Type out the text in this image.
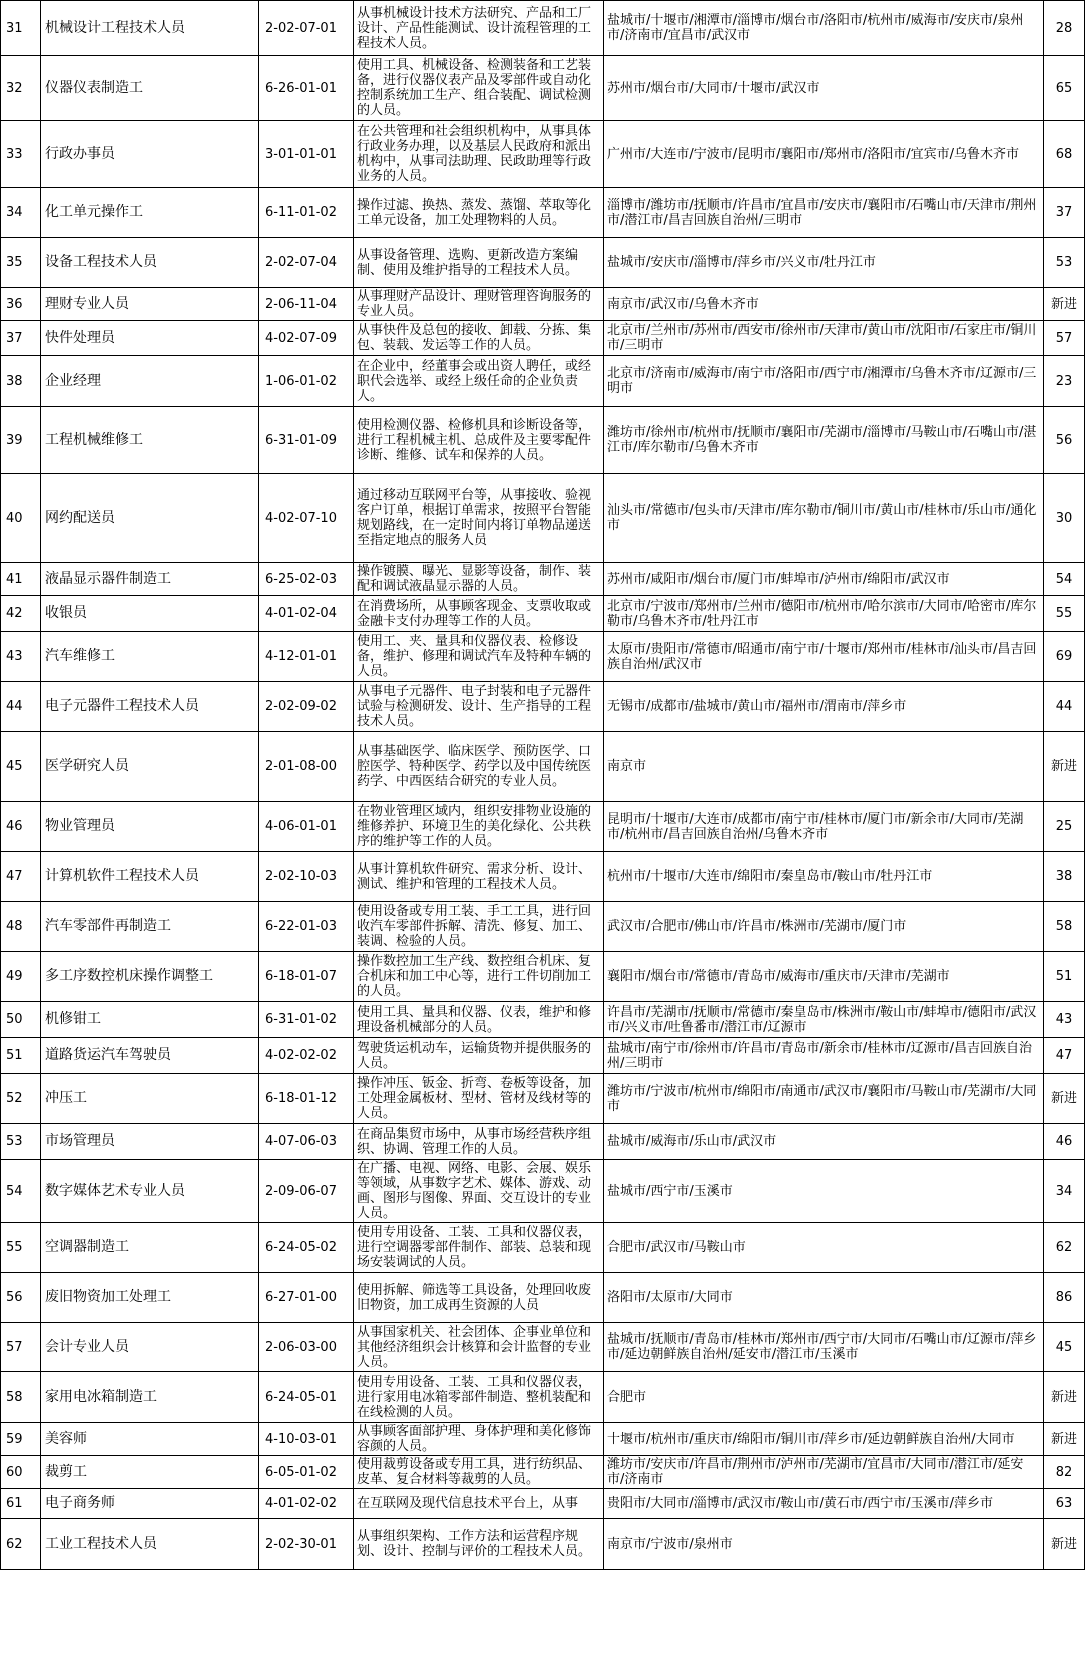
31	机械设计工程技术人员	2-02-07-01	从事机械设计技术方法研究、产品和工厂设计、产品性能测试、设计流程管理的工程技术人员。	盐城市/十堰市/湘潭市/淄博市/烟台市/洛阳市/杭州市/威海市/安庆市/泉州市/济南市/宜昌市/武汉市	28
32	仪器仪表制造工	6-26-01-01	使用工具、机械设备、检测装备和工艺装备，进行仪器仪表产品及零部件或自动化控制系统加工生产、组合装配、调试检测的人员。	苏州市/烟台市/大同市/十堰市/武汉市	65
33	行政办事员	3-01-01-01	在公共管理和社会组织机构中，从事具体行政业务办理，以及基层人民政府和派出机构中，从事司法助理、民政助理等行政业务的人员。	广州市/大连市/宁波市/昆明市/襄阳市/郑州市/洛阳市/宜宾市/乌鲁木齐市	68
34	化工单元操作工	6-11-01-02	操作过滤、换热、蒸发、蒸馏、萃取等化工单元设备，加工处理物料的人员。	淄博市/潍坊市/抚顺市/许昌市/宜昌市/安庆市/襄阳市/石嘴山市/天津市/荆州市/潜江市/昌吉回族自治州/三明市	37
35	设备工程技术人员	2-02-07-04	从事设备管理、选购、更新改造方案编制、使用及维护指导的工程技术人员。	盐城市/安庆市/淄博市/萍乡市/兴义市/牡丹江市	53
36	理财专业人员	2-06-11-04	从事理财产品设计、理财管理咨询服务的专业人员。	南京市/武汉市/乌鲁木齐市	新进
37	快件处理员	4-02-07-09	从事快件及总包的接收、卸载、分拣、集包、装载、发运等工作的人员。	北京市/兰州市/苏州市/西安市/徐州市/天津市/黄山市/沈阳市/石家庄市/铜川市/三明市	57
38	企业经理	1-06-01-02	在企业中，经董事会或出资人聘任，或经职代会选举、或经上级任命的企业负责人。	北京市/济南市/威海市/南宁市/洛阳市/西宁市/湘潭市/乌鲁木齐市/辽源市/三明市	23
39	工程机械维修工	6-31-01-09	使用检测仪器、检修机具和诊断设备等，进行工程机械主机、总成件及主要零配件诊断、维修、试车和保养的人员。	潍坊市/徐州市/杭州市/抚顺市/襄阳市/芜湖市/淄博市/马鞍山市/石嘴山市/湛江市/库尔勒市/乌鲁木齐市	56
40	网约配送员	4-02-07-10	通过移动互联网平台等，从事接收、验视客户订单，根据订单需求，按照平台智能规划路线，在一定时间内将订单物品递送至指定地点的服务人员	汕头市/常德市/包头市/天津市/库尔勒市/铜川市/黄山市/桂林市/乐山市/通化市	30
41	液晶显示器件制造工	6-25-02-03	操作镀膜、曝光、显影等设备，制作、装配和调试液晶显示器的人员。	苏州市/咸阳市/烟台市/厦门市/蚌埠市/泸州市/绵阳市/武汉市	54
42	收银员	4-01-02-04	在消费场所，从事顾客现金、支票收取或金融卡支付办理等工作的人员。	北京市/宁波市/郑州市/兰州市/德阳市/杭州市/哈尔滨市/大同市/哈密市/库尔勒市/乌鲁木齐市/牡丹江市	55
43	汽车维修工	4-12-01-01	使用工、夹、量具和仪器仪表、检修设备，维护、修理和调试汽车及特种车辆的人员。	太原市/贵阳市/常德市/昭通市/南宁市/十堰市/郑州市/桂林市/汕头市/昌吉回族自治州/武汉市	69
44	电子元器件工程技术人员	2-02-09-02	从事电子元器件、电子封装和电子元器件试验与检测研发、设计、生产指导的工程技术人员。	无锡市/成都市/盐城市/黄山市/福州市/渭南市/萍乡市	44
45	医学研究人员	2-01-08-00	从事基础医学、临床医学、预防医学、口腔医学、特种医学、药学以及中国传统医药学、中西医结合研究的专业人员。	南京市	新进
46	物业管理员	4-06-01-01	在物业管理区域内，组织安排物业设施的维修养护、环境卫生的美化绿化、公共秩序的维护等工作的人员。	昆明市/十堰市/大连市/成都市/南宁市/桂林市/厦门市/新余市/大同市/芜湖市/杭州市/昌吉回族自治州/乌鲁木齐市	25
47	计算机软件工程技术人员	2-02-10-03	从事计算机软件研究、需求分析、设计、测试、维护和管理的工程技术人员。	杭州市/十堰市/大连市/绵阳市/秦皇岛市/鞍山市/牡丹江市	38
48	汽车零部件再制造工	6-22-01-03	使用设备或专用工装、手工工具，进行回收汽车零部件拆解、清洗、修复、加工、装调、检验的人员。	武汉市/合肥市/佛山市/许昌市/株洲市/芜湖市/厦门市	58
49	多工序数控机床操作调整工	6-18-01-07	操作数控加工生产线、数控组合机床、复合机床和加工中心等，进行工件切削加工的人员。	襄阳市/烟台市/常德市/青岛市/威海市/重庆市/天津市/芜湖市	51
50	机修钳工	6-31-01-02	使用工具、量具和仪器、仪表，维护和修理设备机械部分的人员。	许昌市/芜湖市/抚顺市/常德市/秦皇岛市/株洲市/鞍山市/蚌埠市/德阳市/武汉市/兴义市/吐鲁番市/潜江市/辽源市	43
51	道路货运汽车驾驶员	4-02-02-02	驾驶货运机动车，运输货物并提供服务的人员。	盐城市/南宁市/徐州市/许昌市/青岛市/新余市/桂林市/辽源市/昌吉回族自治州/三明市	47
52	冲压工	6-18-01-12	操作冲压、钣金、折弯、卷板等设备，加工处理金属板材、型材、管材及线材等的人员。	潍坊市/宁波市/杭州市/绵阳市/南通市/武汉市/襄阳市/马鞍山市/芜湖市/大同市	新进
53	市场管理员	4-07-06-03	在商品集贸市场中，从事市场经营秩序组织、协调、管理工作的人员。	盐城市/威海市/乐山市/武汉市	46
54	数字媒体艺术专业人员	2-09-06-07	在广播、电视、网络、电影、会展、娱乐等领域，从事数字艺术、媒体、游戏、动画、图形与图像、界面、交互设计的专业人员。	盐城市/西宁市/玉溪市	34
55	空调器制造工	6-24-05-02	使用专用设备、工装、工具和仪器仪表，进行空调器零部件制作、部装、总装和现场安装调试的人员。	合肥市/武汉市/马鞍山市	62
56	废旧物资加工处理工	6-27-01-00	使用拆解、筛选等工具设备，处理回收废旧物资，加工成再生资源的人员	洛阳市/太原市/大同市	86
57	会计专业人员	2-06-03-00	从事国家机关、社会团体、企事业单位和其他经济组织会计核算和会计监督的专业人员。	盐城市/抚顺市/青岛市/桂林市/郑州市/西宁市/大同市/石嘴山市/辽源市/萍乡市/延边朝鲜族自治州/延安市/潜江市/玉溪市	45
58	家用电冰箱制造工	6-24-05-01	使用专用设备、工装、工具和仪器仪表，进行家用电冰箱零部件制造、整机装配和在线检测的人员。	合肥市	新进
59	美容师	4-10-03-01	从事顾客面部护理、身体护理和美化修饰容颜的人员。	十堰市/杭州市/重庆市/绵阳市/铜川市/萍乡市/延边朝鲜族自治州/大同市	新进
60	裁剪工	6-05-01-02	使用裁剪设备或专用工具，进行纺织品、皮革、复合材料等裁剪的人员。	潍坊市/安庆市/许昌市/荆州市/泸州市/芜湖市/宜昌市/大同市/潜江市/延安市/济南市	82
61	电子商务师	4-01-02-02	在互联网及现代信息技术平台上，从事	贵阳市/大同市/淄博市/武汉市/鞍山市/黄石市/西宁市/玉溪市/萍乡市	63
62	工业工程技术人员	2-02-30-01	从事组织架构、工作方法和运营程序规划、设计、控制与评价的工程技术人员。	南京市/宁波市/泉州市	新进
